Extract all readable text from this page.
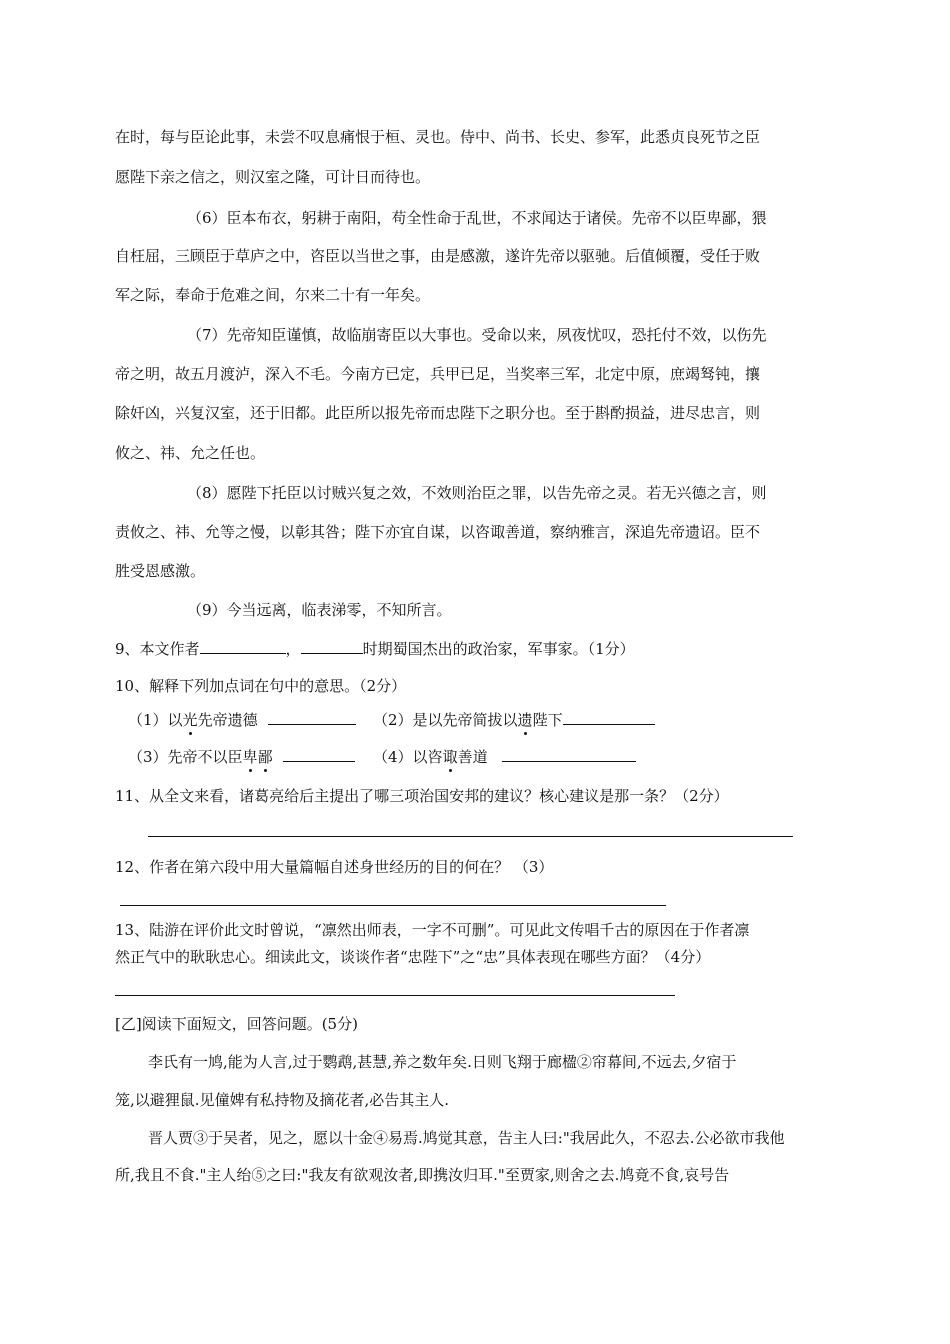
在时，每与臣论此事，未尝不叹息痛恨于桓、灵也。侍中、尚书、长史、参军，此悉贞良死节之臣
愿陛下亲之信之，则汉室之隆，可计日而待也。
（6）臣本布衣，躬耕于南阳，苟全性命于乱世，不求闻达于诸侯。先帝不以臣卑鄙，猥
自枉屈，三顾臣于草庐之中，咨臣以当世之事，由是感激，遂许先帝以驱驰。后值倾覆，受任于败
军之际，奉命于危难之间，尔来二十有一年矣。
（7）先帝知臣谨慎，故临崩寄臣以大事也。受命以来，夙夜忧叹，恐托付不效，以伤先
帝之明，故五月渡泸，深入不毛。今南方已定，兵甲已足，当奖率三军，北定中原，庶竭驽钝，攘
除奸凶，兴复汉室，还于旧都。此臣所以报先帝而忠陛下之职分也。至于斟酌损益，进尽忠言，则
攸之、祎、允之任也。
（8）愿陛下托臣以讨贼兴复之效，不效则治臣之罪，以告先帝之灵。若无兴德之言，则
责攸之、祎、允等之慢，以彰其咎；陛下亦宜自谋，以咨诹善道，察纳雅言，深追先帝遗诏。臣不
胜受恩感激。
（9）今当远离，临表涕零，不知所言。
9、本文作者	，	时期蜀国杰出的政治家，军事家。（1分）
10、解释下列加点词在句中的意思。（2分）
（1）以光先帝遗德	（2）是以先帝简拔以遗陛下
（3）先帝不以臣卑鄙	（4）以咨诹善道
11、从全文来看，诸葛亮给后主提出了哪三项治国安邦的建议？核心建议是那一条？（2分）
12、作者在第六段中用大量篇幅自述身世经历的目的何在？ （3）
13、陆游在评价此文时曾说，“凛然出师表，一字不可删”。可见此文传唱千古的原因在于作者凛
然正气中的耿耿忠心。细读此文，谈谈作者“忠陛下”之“忠”具体表现在哪些方面？（4分）
[乙]阅读下面短文，回答问题。(5分)
李氏有一鸠,能为人言,过于鹦鹉,甚慧,养之数年矣.日则飞翔于廊楹②帘幕间,不远去,夕宿于
笼,以避狸鼠.见僮婢有私持物及摘花者,必告其主人.
晋人贾③于吴者，见之，愿以十金④易焉.鸠觉其意，告主人曰:"我居此久，不忍去.公必欲市我他
所,我且不食."主人绐⑤之曰:"我友有欲观汝者,即携汝归耳."至贾家,则舍之去.鸠竟不食,哀号告
